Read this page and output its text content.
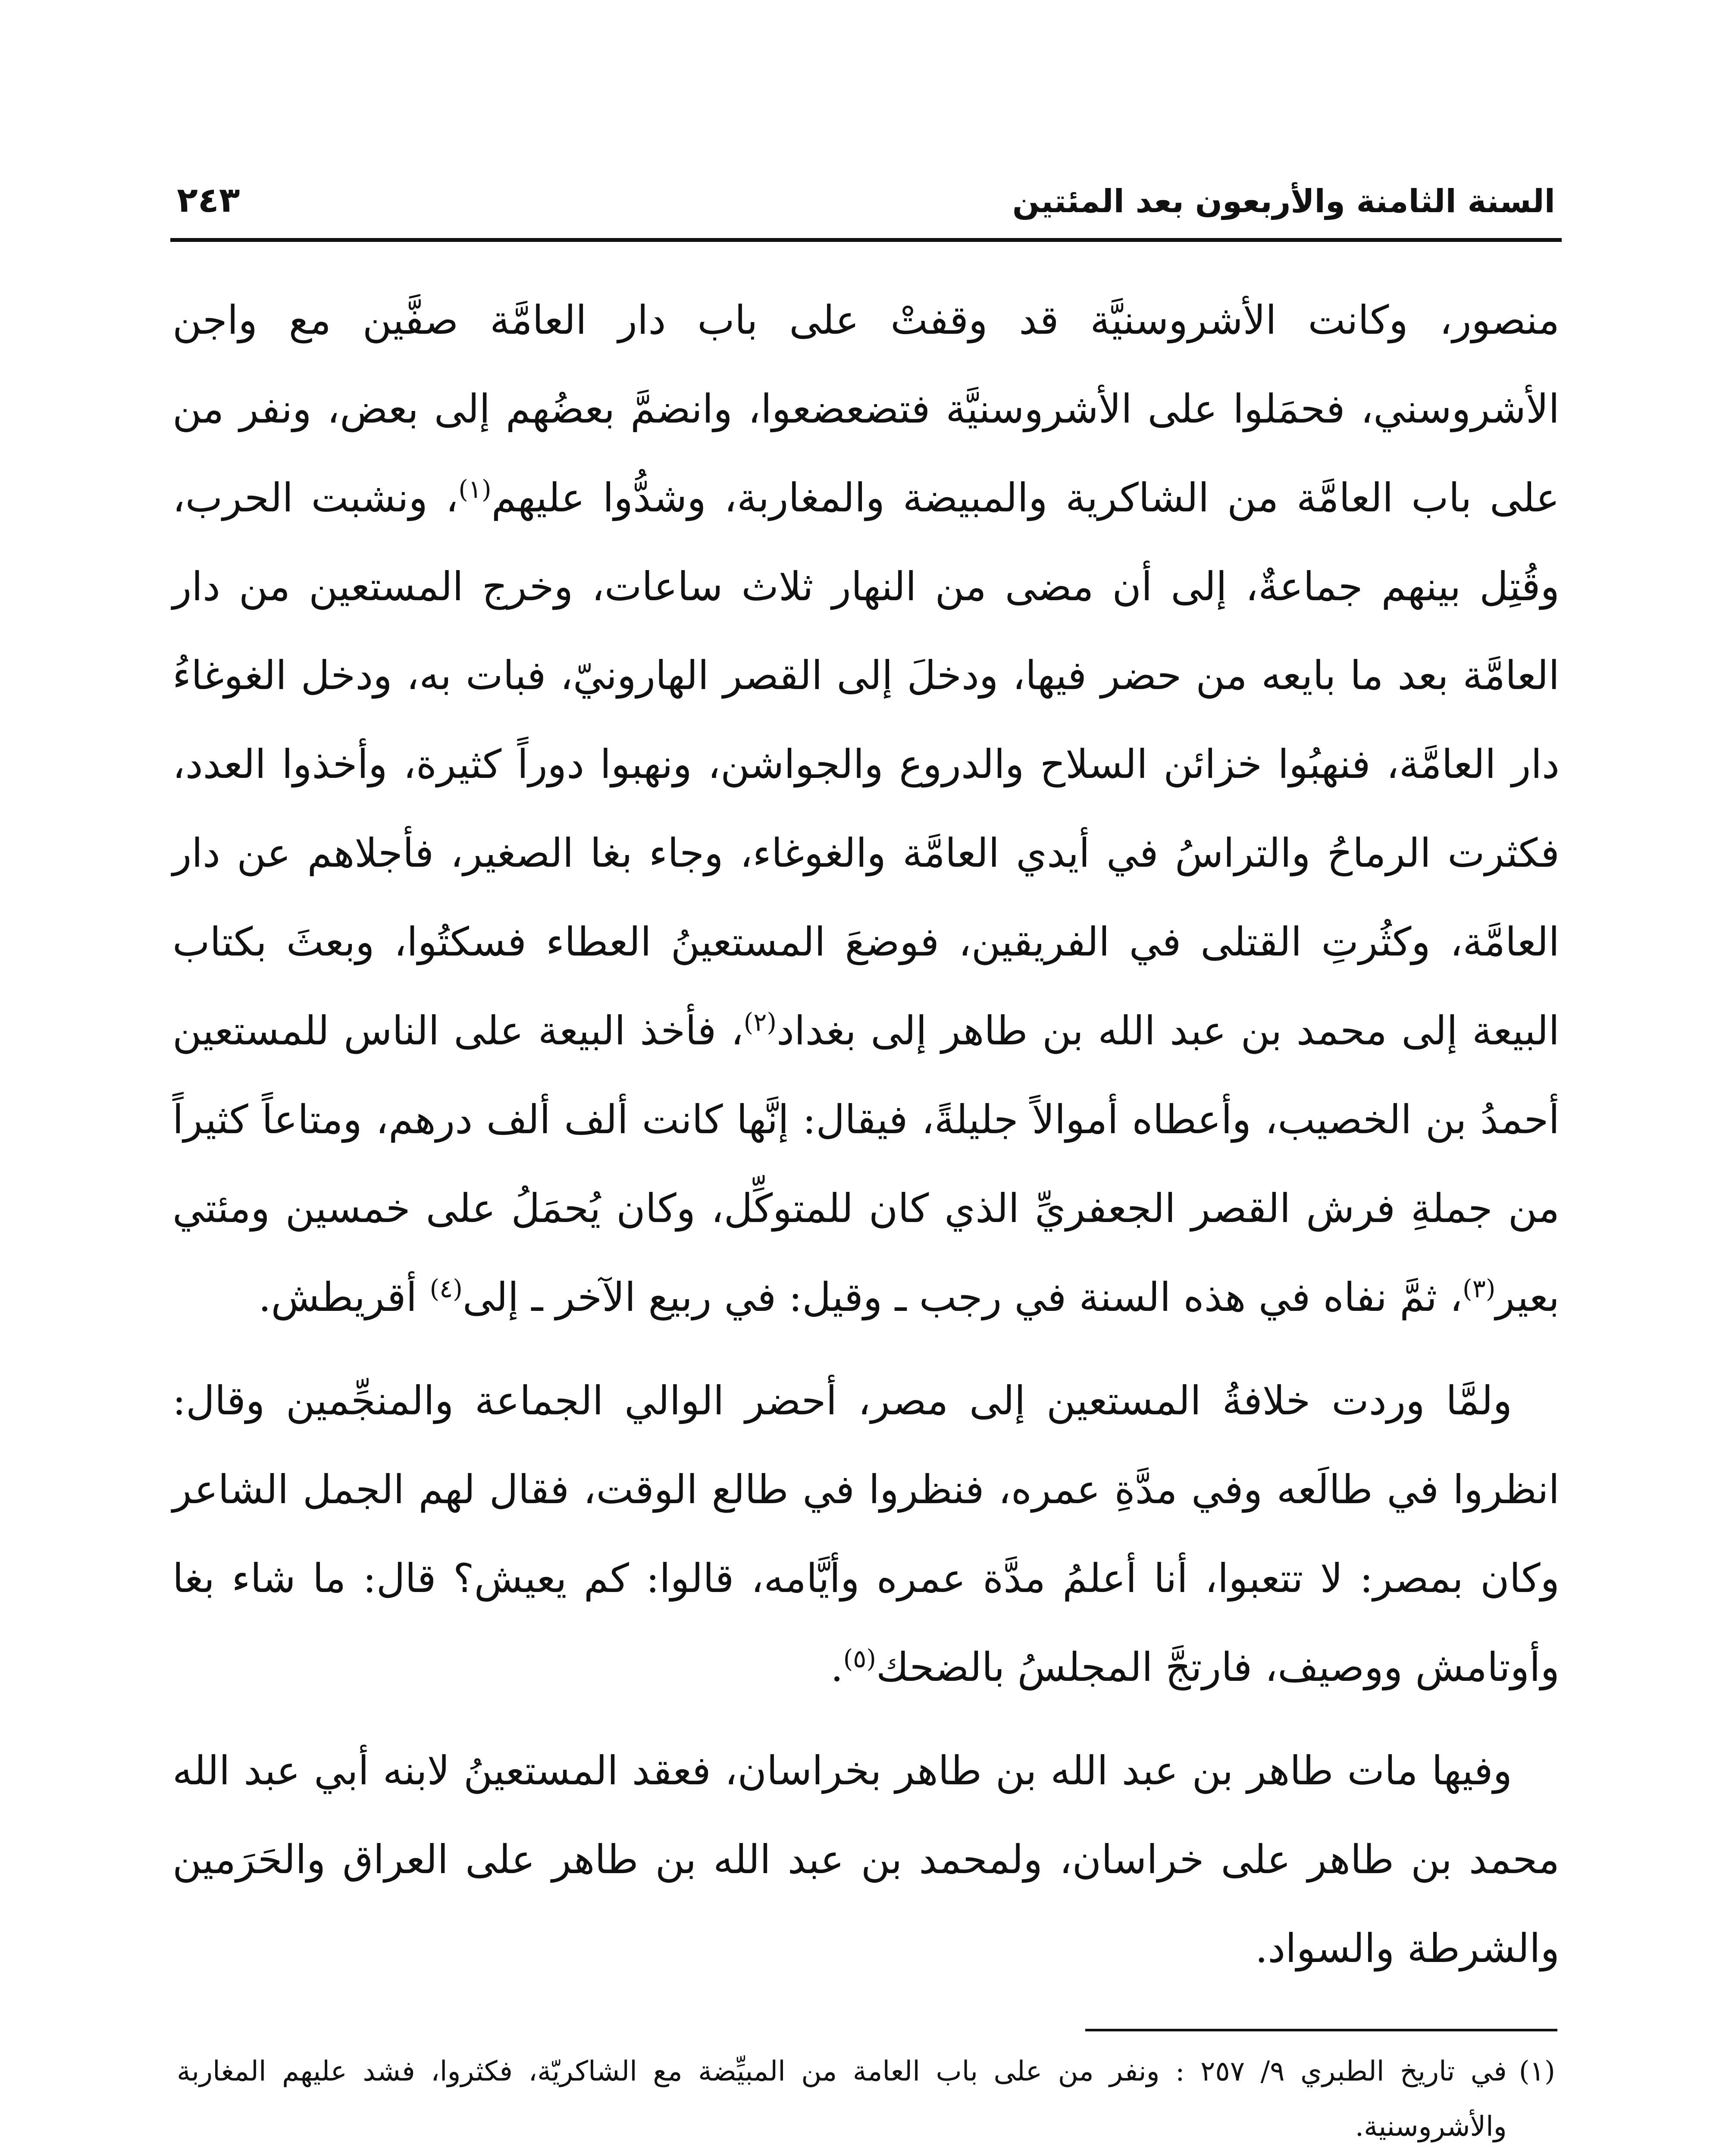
السنة الثامنة والأربعون بعد المئتين
٢٤٣

منصور، وكانت الأشروسنيَّة قد وقفتْ على باب دار العامَّة صفَّين مع واجن الأشروسني، فحمَلوا على الأشروسنيَّة فتضعضعوا، وانضمَّ بعضُهم إلى بعض، ونفر من على باب العامَّة من الشاكرية والمبيضة والمغاربة، وشدُّوا عليهم$^{(١)}$، ونشبت الحرب، وقُتِل بينهم جماعةٌ، إلى أن مضى من النهار ثلاث ساعات، وخرج المستعين من دار العامَّة بعد ما بايعه من حضر فيها، ودخلَ إلى القصر الهارونيّ، فبات به، ودخل الغوغاءُ دار العامَّة، فنهبُوا خزائن السلاح والدروع والجواشن، ونهبوا دوراً كثيرة، وأخذوا العدد، فكثرت الرماحُ والتراسُ في أيدي العامَّة والغوغاء، وجاء بغا الصغير، فأجلاهم عن دار العامَّة، وكثُرتِ القتلى في الفريقين، فوضعَ المستعينُ العطاء فسكتُوا، وبعثَ بكتاب البيعة إلى محمد بن عبد الله بن طاهر إلى بغداد$^{(٢)}$، فأخذ البيعة على الناس للمستعين أحمدُ بن الخصيب، وأعطاه أموالاً جليلةً، فيقال: إنَّها كانت ألف ألف درهم، ومتاعاً كثيراً من جملةِ فرش القصر الجعفريِّ الذي كان للمتوكِّل، وكان يُحمَلُ على خمسين ومئتي بعير$^{(٣)}$، ثمَّ نفاه في هذه السنة في رجب ـ وقيل: في ربيع الآخر ـ إلى$^{(٤)}$ أقريطش.

ولمَّا وردت خلافةُ المستعين إلى مصر، أحضر الوالي الجماعة والمنجِّمين وقال: انظروا في طالَعه وفي مدَّةِ عمره، فنظروا في طالع الوقت، فقال لهم الجمل الشاعر وكان بمصر: لا تتعبوا، أنا أعلمُ مدَّة عمره وأيَّامه، قالوا: كم يعيش؟ قال: ما شاء بغا وأوتامش ووصيف، فارتجَّ المجلسُ بالضحك$^{(٥)}$.

وفيها مات طاهر بن عبد الله بن طاهر بخراسان، فعقد المستعينُ لابنه أبي عبد الله محمد بن طاهر على خراسان، ولمحمد بن عبد الله بن طاهر على العراق والحَرَمين والشرطة والسواد.

(١)
في تاريخ الطبري ٩/ ٢٥٧ : ونفر من على باب العامة من المبيِّضة مع الشاكريّة، فكثروا، فشد عليهم المغاربة والأشروسنية.
